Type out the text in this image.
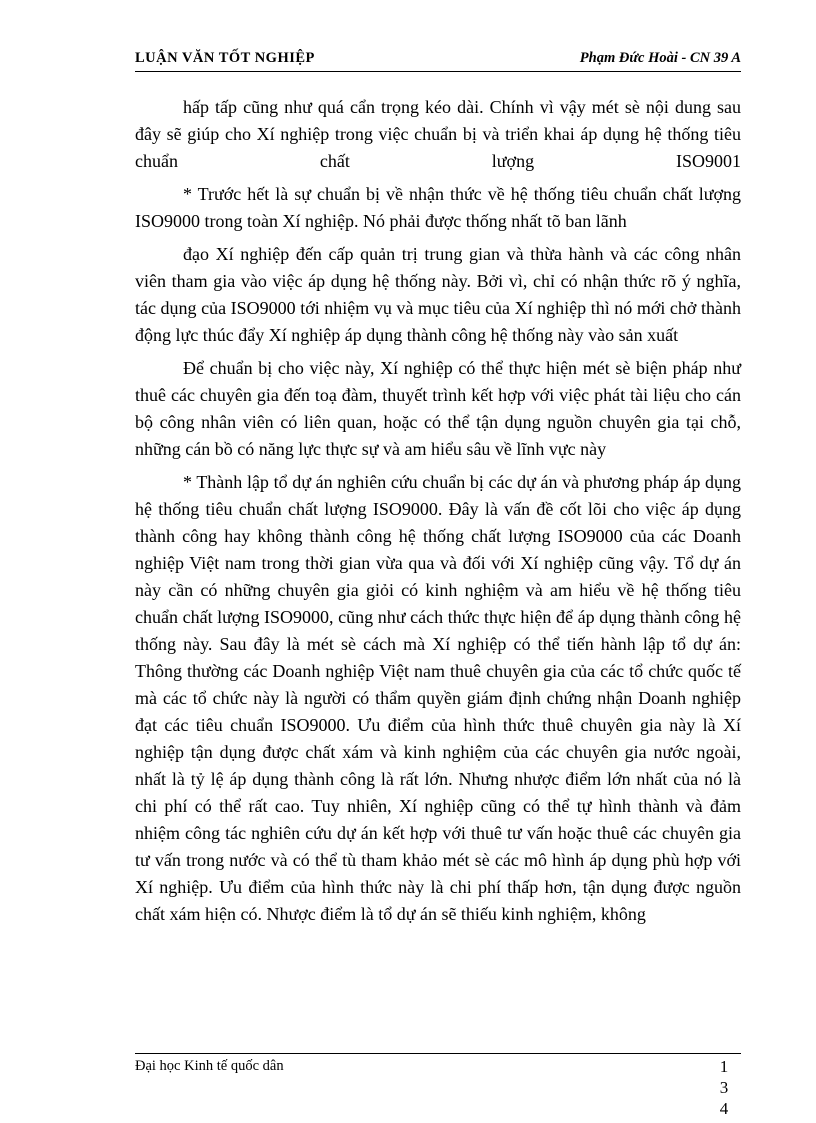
LUẬN VĂN TỐT NGHIỆP	Phạm Đức Hoài - CN 39 A

hấp tấp cũng như quá cẩn trọng kéo dài. Chính vì vậy mét sè nội dung sau đây sẽ giúp cho Xí nghiệp trong việc chuẩn bị và triển khai áp dụng hệ thống tiêu chuẩn chất lượng ISO9001

* Trước hết là sự chuẩn bị về nhận thức về hệ thống tiêu chuẩn chất lượng ISO9000 trong toàn Xí nghiệp. Nó phải được thống nhất tõ ban lãnh

đạo Xí nghiệp đến cấp quản trị trung gian và thừa hành và các công nhân viên tham gia vào việc áp dụng hệ thống này. Bởi vì, chỉ có nhận thức rõ ý nghĩa, tác dụng của ISO9000 tới nhiệm vụ và mục tiêu của Xí nghiệp thì nó mới chở thành động lực thúc đẩy Xí nghiệp áp dụng thành công hệ thống này vào sản xuất

Để chuẩn bị cho việc này, Xí nghiệp có thể thực hiện mét sè biện pháp như thuê các chuyên gia đến toạ đàm, thuyết trình kết hợp với việc phát tài liệu cho cán bộ công nhân viên có liên quan, hoặc có thể tận dụng nguồn chuyên gia tại chỗ, những cán bồ có năng lực thực sự và am hiểu sâu về lĩnh vực này

* Thành lập tổ dự án nghiên cứu chuẩn bị các dự án và phương pháp áp dụng hệ thống tiêu chuẩn chất lượng ISO9000. Đây là vấn đề cốt lõi cho việc áp dụng thành công hay không thành công hệ thống chất lượng ISO9000 của các Doanh nghiệp Việt nam trong thời gian vừa qua và đối với Xí nghiệp cũng vậy. Tổ dự án này cần có những chuyên gia giỏi có kinh nghiệm và am hiểu về hệ thống tiêu chuẩn chất lượng ISO9000, cũng như cách thức thực hiện để áp dụng thành công hệ thống này. Sau đây là mét sè cách mà Xí nghiệp có thể tiến hành lập tổ dự án: Thông thường các Doanh nghiệp Việt nam thuê chuyên gia của các tổ chức quốc tế mà các tổ chức này là người có thẩm quyền giám định chứng nhận Doanh nghiệp đạt các tiêu chuẩn ISO9000. Ưu điểm của hình thức thuê chuyên gia này là Xí nghiệp tận dụng được chất xám và kinh nghiệm của các chuyên gia nước ngoài, nhất là tỷ lệ áp dụng thành công là rất lớn. Nhưng nhược điểm lớn nhất của nó là chi phí có thể rất cao. Tuy nhiên, Xí nghiệp cũng có thể tự hình thành và đảm nhiệm công tác nghiên cứu dự án kết hợp với thuê tư vấn hoặc thuê các chuyên gia tư vấn trong nước và có thể tù tham khảo mét sè các mô hình áp dụng phù hợp với Xí nghiệp. Ưu điểm của hình thức này là chi phí thấp hơn, tận dụng được nguồn chất xám hiện có. Nhược điểm là tổ dự án sẽ thiếu kinh nghiệm, không

Đại học Kinh tế quốc dân	1
3
4
